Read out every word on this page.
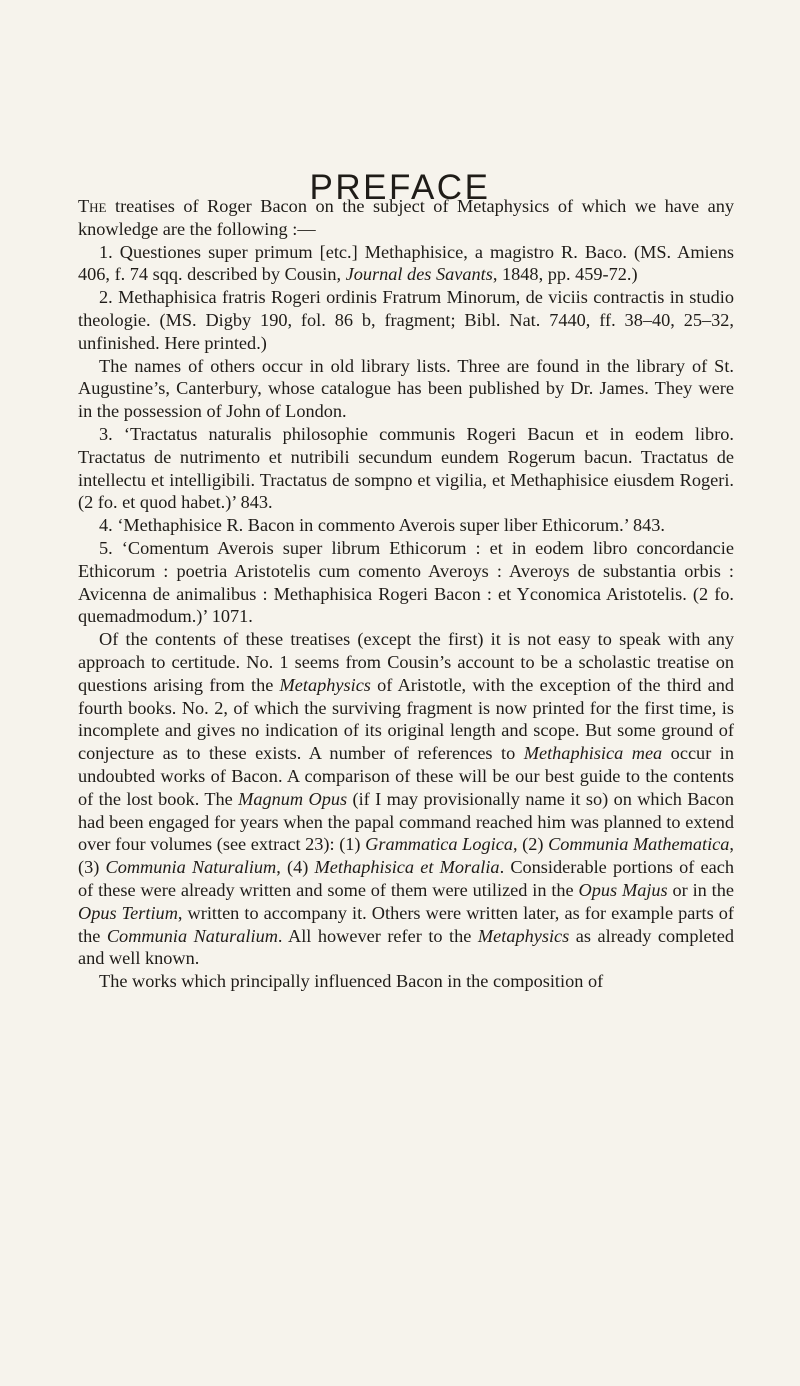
PREFACE

The treatises of Roger Bacon on the subject of Metaphysics of which we have any knowledge are the following :—

1. Questiones super primum [etc.] Methaphisice, a magistro R. Baco. (MS. Amiens 406, f. 74 sqq. described by Cousin, Journal des Savants, 1848, pp. 459-72.)

2. Methaphisica fratris Rogeri ordinis Fratrum Minorum, de viciis contractis in studio theologie. (MS. Digby 190, fol. 86 b, fragment; Bibl. Nat. 7440, ff. 38–40, 25–32, unfinished. Here printed.)

The names of others occur in old library lists. Three are found in the library of St. Augustine’s, Canterbury, whose catalogue has been published by Dr. James. They were in the possession of John of London.

3. ‘Tractatus naturalis philosophie communis Rogeri Bacun et in eodem libro. Tractatus de nutrimento et nutribili secundum eundem Rogerum bacun. Tractatus de intellectu et intelligibili. Tractatus de sompno et vigilia, et Methaphisice eiusdem Rogeri. (2 fo. et quod habet.)’ 843.

4. ‘Methaphisice R. Bacon in commento Averois super liber Ethicorum.’ 843.

5. ‘Comentum Averois super librum Ethicorum : et in eodem libro concordancie Ethicorum : poetria Aristotelis cum comento Averoys : Averoys de substantia orbis : Avicenna de animalibus : Methaphisica Rogeri Bacon : et Yconomica Aristotelis. (2 fo. quemadmodum.)’ 1071.

Of the contents of these treatises (except the first) it is not easy to speak with any approach to certitude. No. 1 seems from Cousin’s account to be a scholastic treatise on questions arising from the Metaphysics of Aristotle, with the exception of the third and fourth books. No. 2, of which the surviving fragment is now printed for the first time, is incomplete and gives no indication of its original length and scope. But some ground of conjecture as to these exists. A number of references to Methaphisica mea occur in undoubted works of Bacon. A comparison of these will be our best guide to the contents of the lost book. The Magnum Opus (if I may provisionally name it so) on which Bacon had been engaged for years when the papal command reached him was planned to extend over four volumes (see extract 23): (1) Grammatica Logica, (2) Communia Mathematica, (3) Communia Naturalium, (4) Methaphisica et Moralia. Considerable portions of each of these were already written and some of them were utilized in the Opus Majus or in the Opus Tertium, written to accompany it. Others were written later, as for example parts of the Communia Naturalium. All however refer to the Metaphysics as already completed and well known.

The works which principally influenced Bacon in the composition of
